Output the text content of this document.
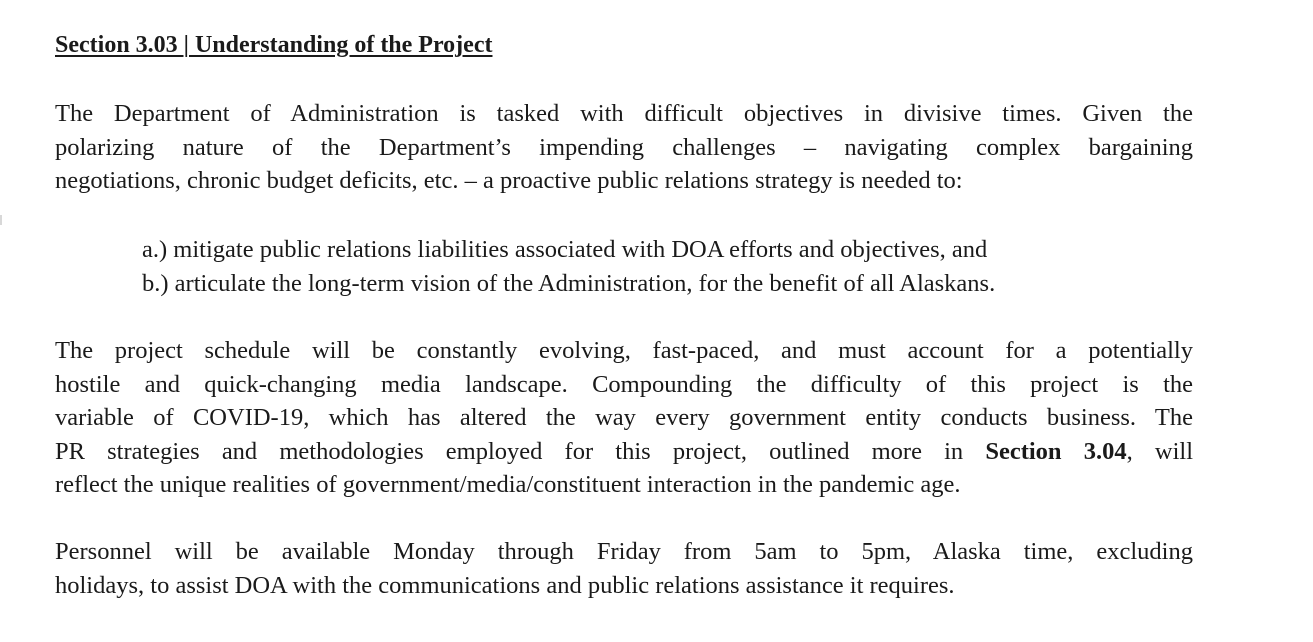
Section 3.03 | Understanding of the Project

The Department of Administration is tasked with difficult objectives in divisive times. Given the
polarizing nature of the Department’s impending challenges – navigating complex bargaining
negotiations, chronic budget deficits, etc. – a proactive public relations strategy is needed to:

a.) mitigate public relations liabilities associated with DOA efforts and objectives, and
b.) articulate the long-term vision of the Administration, for the benefit of all Alaskans.

The project schedule will be constantly evolving, fast-paced, and must account for a potentially
hostile and quick-changing media landscape. Compounding the difficulty of this project is the
variable of COVID-19, which has altered the way every government entity conducts business. The
PR strategies and methodologies employed for this project, outlined more in Section 3.04, will
reflect the unique realities of government/media/constituent interaction in the pandemic age.

Personnel will be available Monday through Friday from 5am to 5pm, Alaska time, excluding
holidays, to assist DOA with the communications and public relations assistance it requires.
